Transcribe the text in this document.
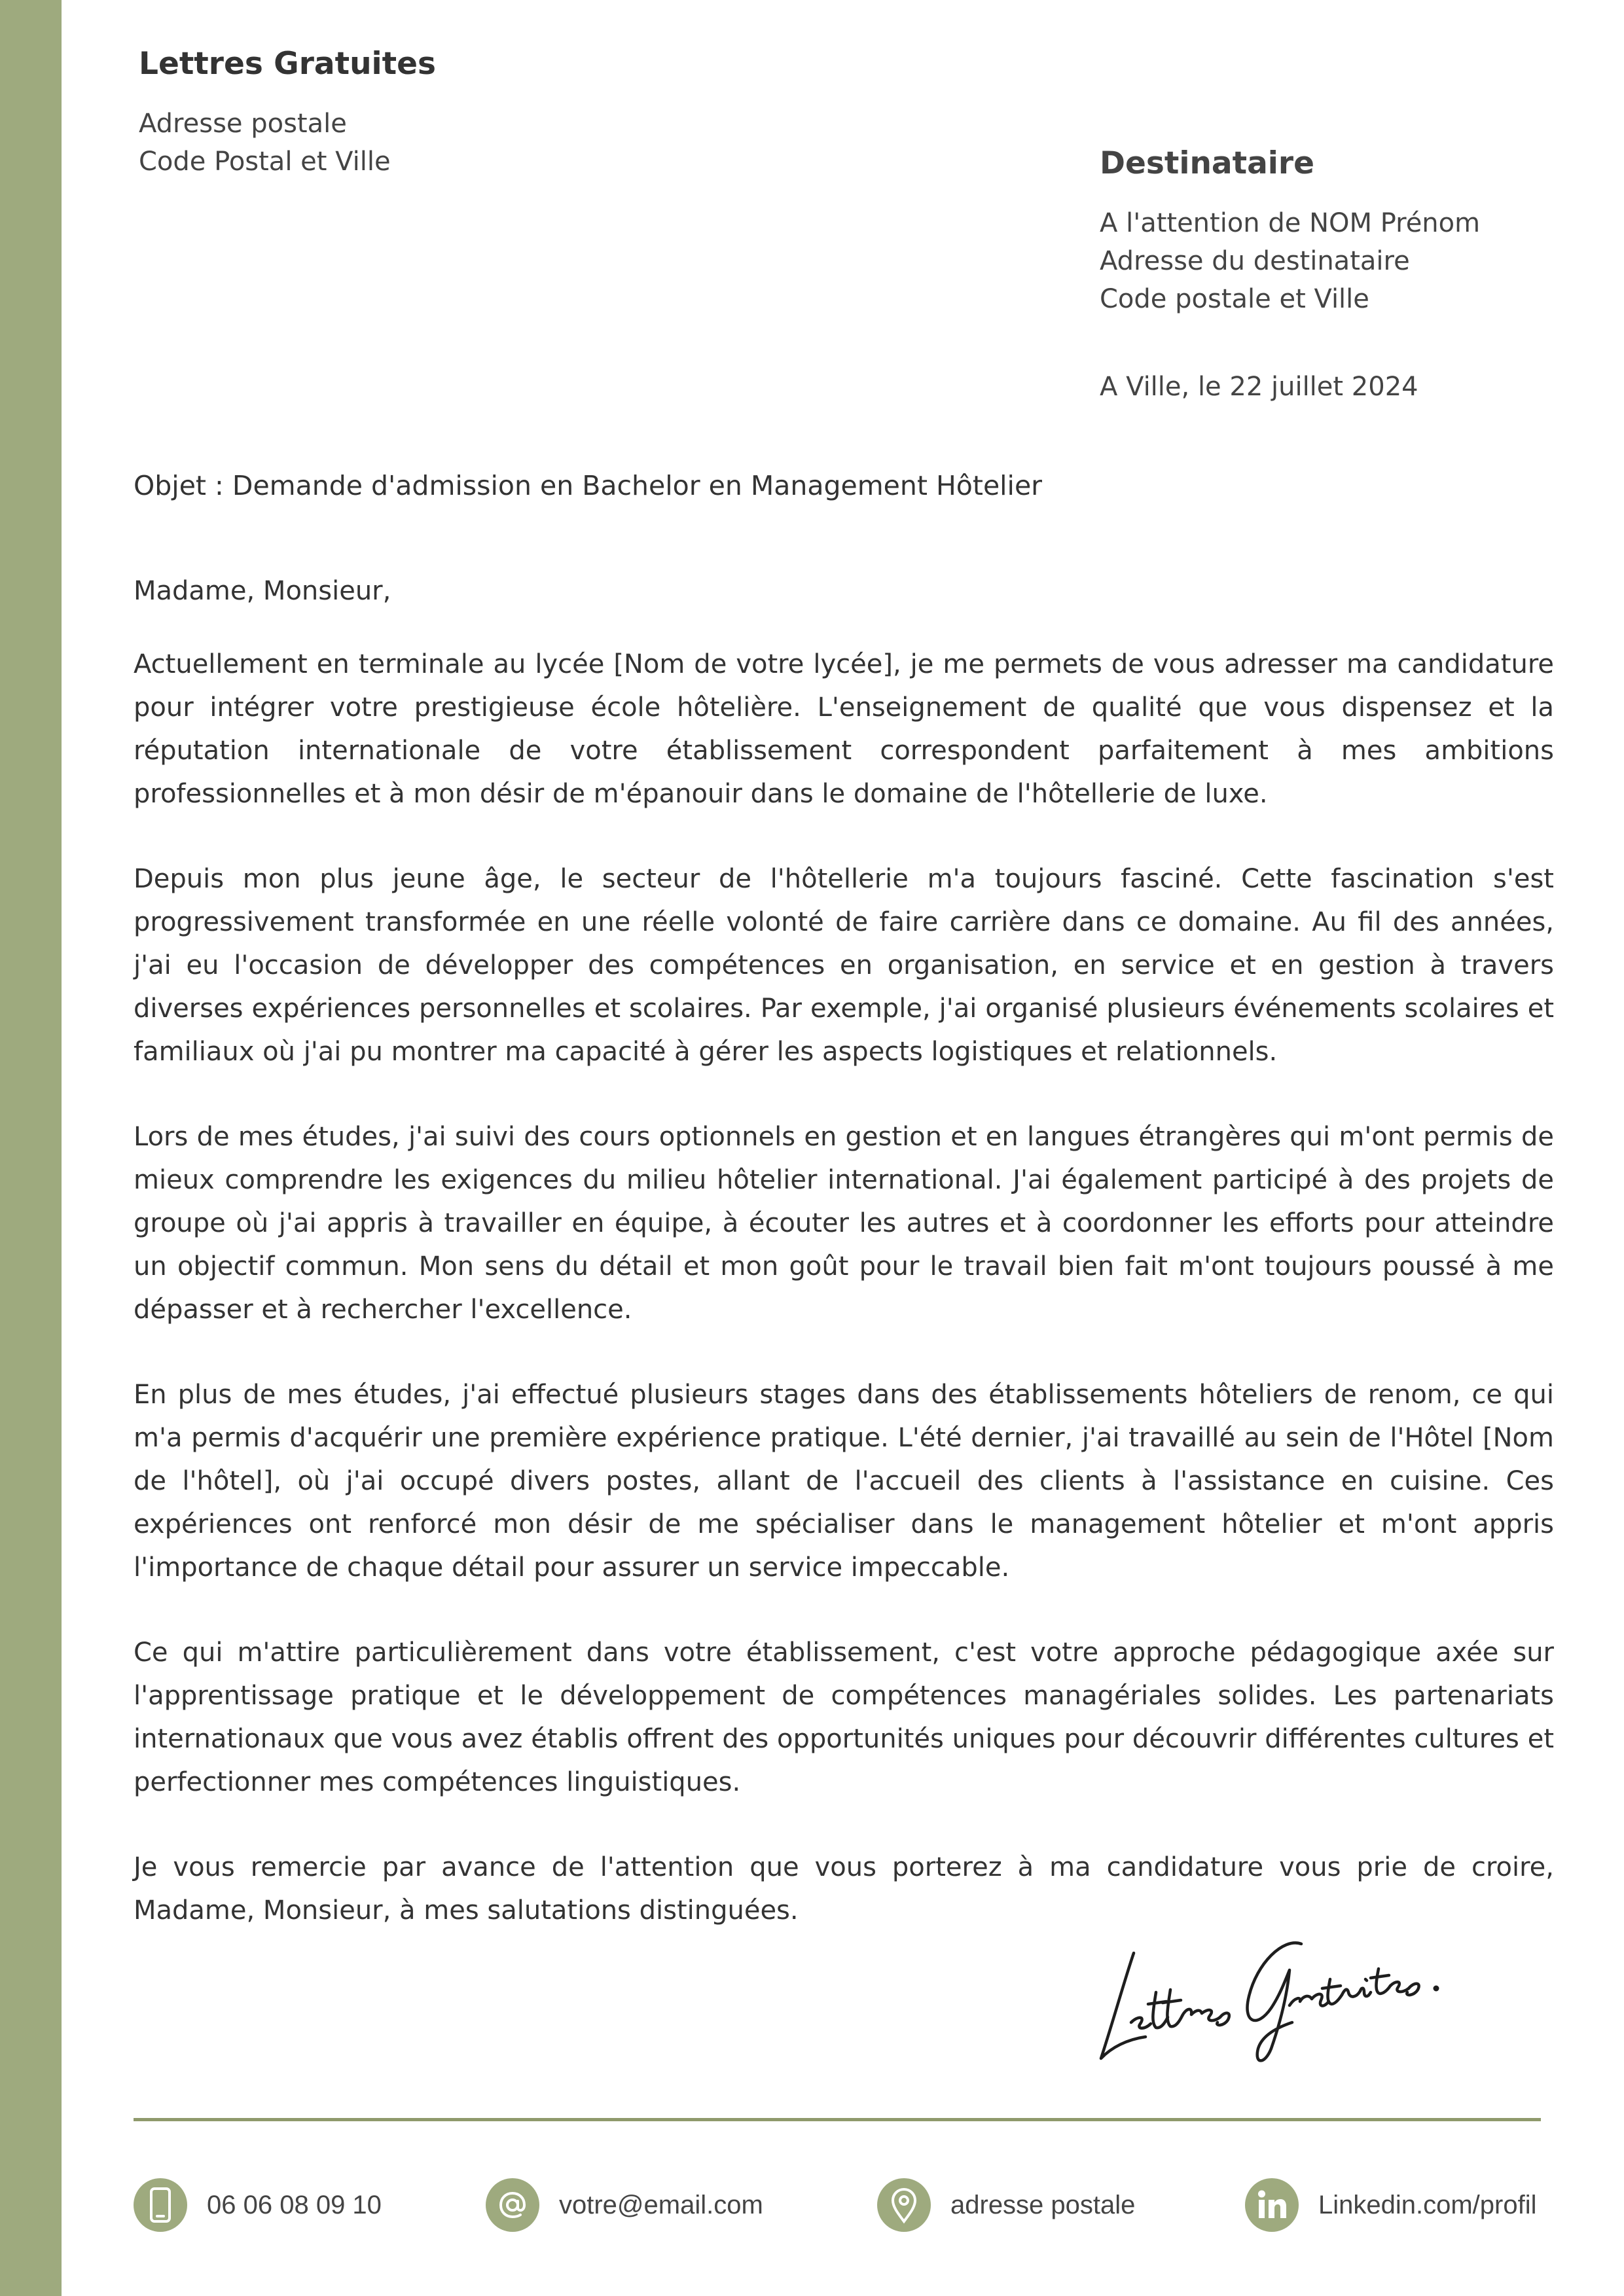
Lettres Gratuites
Adresse postale
Code Postal et Ville	Destinataire
A l'attention de NOM Prénom
Adresse du destinataire
Code postale et Ville
A Ville, le 22 juillet 2024
Objet : Demande d'admission en Bachelor en Management Hôtelier

Madame, Monsieur,

Actuellement en terminale au lycée [Nom de votre lycée], je me permets de vous adresser ma candidature pour intégrer votre prestigieuse école hôtelière. L'enseignement de qualité que vous dispensez et la réputation internationale de votre établissement correspondent parfaitement à mes ambitions professionnelles et à mon désir de m'épanouir dans le domaine de l'hôtellerie de luxe.

Depuis mon plus jeune âge, le secteur de l'hôtellerie m'a toujours fasciné. Cette fascination s'est progressivement transformée en une réelle volonté de faire carrière dans ce domaine. Au fil des années, j'ai eu l'occasion de développer des compétences en organisation, en service et en gestion à travers diverses expériences personnelles et scolaires. Par exemple, j'ai organisé plusieurs événements scolaires et familiaux où j'ai pu montrer ma capacité à gérer les aspects logistiques et relationnels.

Lors de mes études, j'ai suivi des cours optionnels en gestion et en langues étrangères qui m'ont permis de mieux comprendre les exigences du milieu hôtelier international. J'ai également participé à des projets de groupe où j'ai appris à travailler en équipe, à écouter les autres et à coordonner les efforts pour atteindre un objectif commun. Mon sens du détail et mon goût pour le travail bien fait m'ont toujours poussé à me dépasser et à rechercher l'excellence.

En plus de mes études, j'ai effectué plusieurs stages dans des établissements hôteliers de renom, ce qui m'a permis d'acquérir une première expérience pratique. L'été dernier, j'ai travaillé au sein de l'Hôtel [Nom de l'hôtel], où j'ai occupé divers postes, allant de l'accueil des clients à l'assistance en cuisine. Ces expériences ont renforcé mon désir de me spécialiser dans le management hôtelier et m'ont appris l'importance de chaque détail pour assurer un service impeccable.

Ce qui m'attire particulièrement dans votre établissement, c'est votre approche pédagogique axée sur l'apprentissage pratique et le développement de compétences managériales solides. Les partenariats internationaux que vous avez établis offrent des opportunités uniques pour découvrir différentes cultures et perfectionner mes compétences linguistiques.

Je vous remercie par avance de l'attention que vous porterez à ma candidature vous prie de croire, Madame, Monsieur, à mes salutations distinguées.

06 06 08 09 10	votre@email.com	adresse postale	Linkedin.com/profil
